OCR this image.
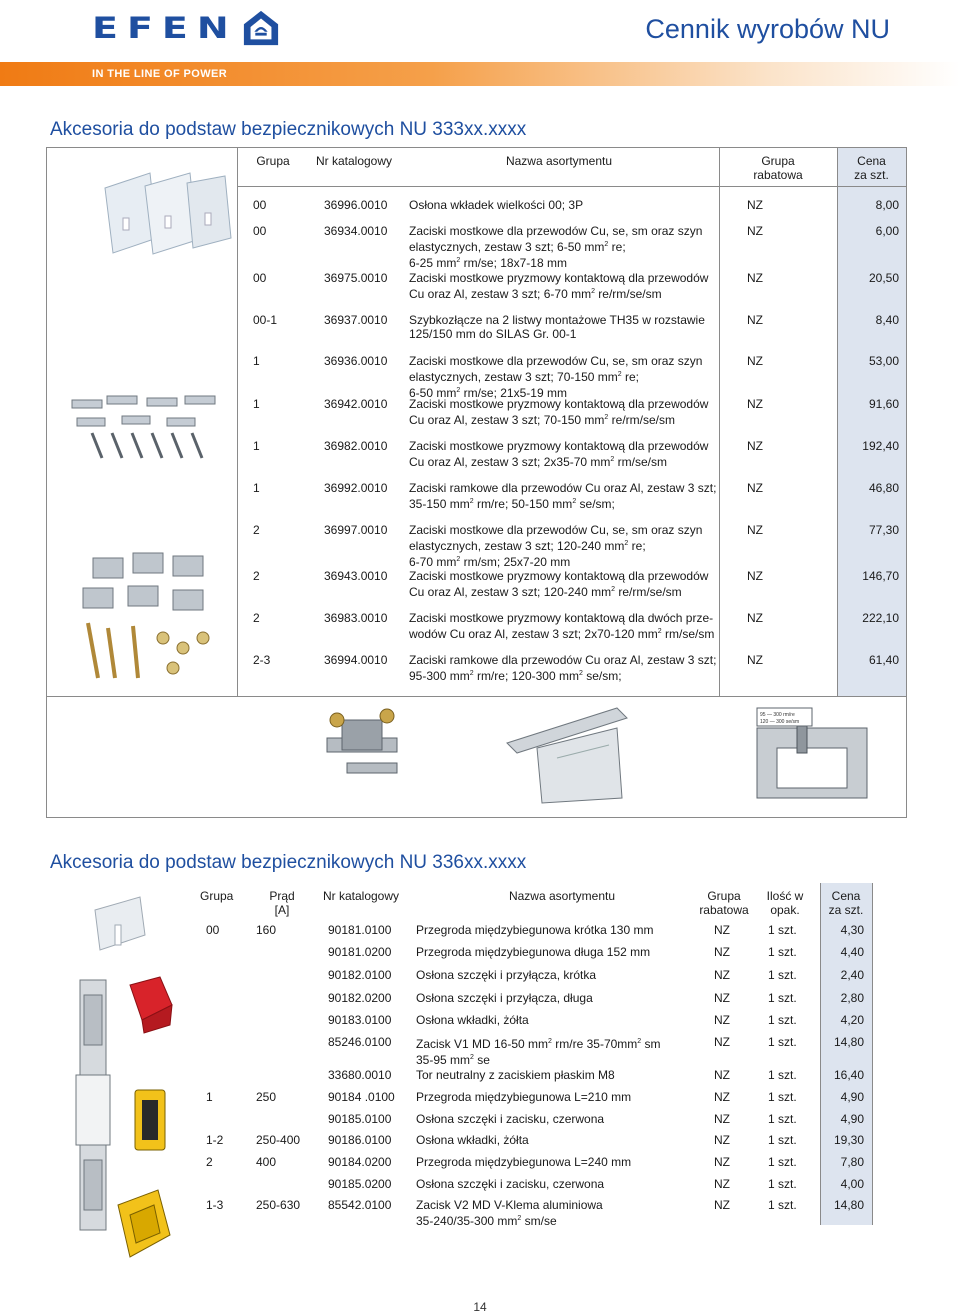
EFEN	Cennik wyrobów NU
IN THE LINE OF POWER
Akcesoria do podstaw bezpiecznikowych NU 333xx.xxxx
Grupa	Nr katalogowy	Nazwa asortymentu	Grupa
rabatowa
Cena
za szt.
00	36996.0010 Osłona wkładek wielkości 00; 3P	NZ	8,00
00	36934.0010 Zaciski mostkowe dla przewodów Cu, se, sm oraz szyn
elastycznych, zestaw 3 szt; 6-50 $mm^2$ re;
6-25 $mm^2$ rm/se; 18x7-18 mm
NZ	6,00
00	36975.0010 Zaciski mostkowe pryzmowy kontaktową dla przewodów
Cu oraz Al, zestaw 3 szt; 6-70 $mm^2$ re/rm/se/sm
NZ	20,50
00-1	36937.0010 Szybkozłącze na 2 listwy montażowe TH35 w rozstawie
125/150 mm do SILAS Gr. 00-1
NZ	8,40
1	36936.0010 Zaciski mostkowe dla przewodów Cu, se, sm oraz szyn
elastycznych, zestaw 3 szt; 70-150 $mm^2$ re;
6-50 $mm^2$ rm/se; 21x5-19 mm
NZ	53,00
1	36942.0010 Zaciski mostkowe pryzmowy kontaktową dla przewodów
Cu oraz Al, zestaw 3 szt; 70-150 $mm^2$ re/rm/se/sm
NZ	91,60
1	36982.0010 Zaciski mostkowe pryzmowy kontaktową dla przewodów
Cu oraz Al, zestaw 3 szt; 2x35-70 $mm^2$ rm/se/sm
NZ	192,40
1	36992.0010 Zaciski ramkowe dla przewodów Cu oraz Al, zestaw 3 szt;
35-150 $mm^2$ rm/re; 50-150 $mm^2$ se/sm;
NZ	46,80
2	36997.0010 Zaciski mostkowe dla przewodów Cu, se, sm oraz szyn
elastycznych, zestaw 3 szt; 120-240 $mm^2$ re;
6-70 $mm^2$ rm/sm; 25x7-20 mm
NZ	77,30
2	36943.0010 Zaciski mostkowe pryzmowy kontaktową dla przewodów
Cu oraz Al, zestaw 3 szt; 120-240 $mm^2$ re/rm/se/sm
NZ	146,70
2	36983.0010 Zaciski mostkowe pryzmowy kontaktową dla dwóch prze-
wodów Cu oraz Al, zestaw 3 szt; 2x70-120 $mm^2$ rm/se/sm
NZ	222,10
2-3	36994.0010 Zaciski ramkowe dla przewodów Cu oraz Al, zestaw 3 szt;
95-300 $mm^2$ rm/re; 120-300 $mm^2$ se/sm;
NZ	61,40
95 — 300 rm/re
120 — 300 se/sm
Akcesoria do podstaw bezpiecznikowych NU 336xx.xxxx
Grupa	Prąd
[A]
Nr katalogowy	Nazwa asortymentu	Grupa
rabatowa
Ilość w
opak.
Cena
za szt.
00	160	90181.0100 Przegroda międzybiegunowa krótka 130 mm	NZ	1 szt.	4,30
90181.0200 Przegroda międzybiegunowa długa 152 mm	NZ	1 szt.	4,40
90182.0100 Osłona szczęki i przyłącza, krótka	NZ	1 szt.	2,40
90182.0200 Osłona szczęki i przyłącza, długa	NZ	1 szt.	2,80
90183.0100 Osłona wkładki, żółta	NZ	1 szt.	4,20
85246.0100 Zacisk V1 MD 16-50 $mm^2$ rm/re $35-70mm^2$ sm
35-95 $mm^2$ se
NZ	1 szt.	14,80
33680.0010 Tor neutralny z zaciskiem płaskim M8	NZ	1 szt.	16,40
1	250	90184 .0100 Przegroda międzybiegunowa L=210 mm	NZ	1 szt.	4,90
90185.0100 Osłona szczęki i zacisku, czerwona	NZ	1 szt.	4,90
1-2	250-400 90186.0100 Osłona wkładki, żółta	NZ	1 szt.	19,30
2	400	90184.0200 Przegroda międzybiegunowa L=240 mm	NZ	1 szt.	7,80
90185.0200 Osłona szczęki i zacisku, czerwona	NZ	1 szt.	4,00
1-3	250-630 85542.0100 Zacisk V2 MD V-Klema aluminiowa
35-240/35-300 $mm^2$ sm/se
NZ	1 szt.	14,80
14
